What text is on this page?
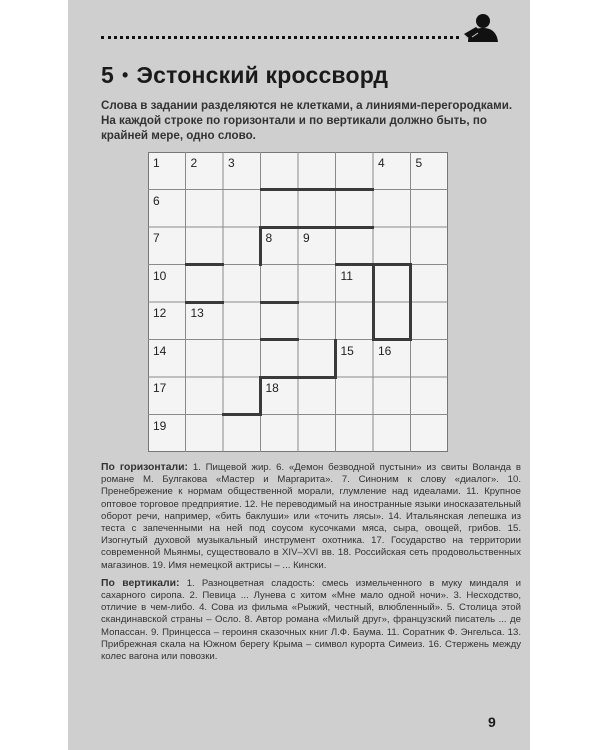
5 • Эстонский кроссворд
Слова в задании разделяются не клетками, а линиями-перегородками. На каждой строке по горизонтали и по вертикали должно быть, по крайней мере, одно слово.
1	2	3	4	5
6
7	8	9
10	11
12	13
14	15	16
17	18
19

По горизонтали: 1. Пищевой жир. 6. «Демон безводной пустыни» из свиты Воланда в романе М. Булгакова «Мастер и Маргарита». 7. Синоним к слову «диалог». 10. Пренебрежение к нормам общественной морали, глумление над идеалами. 11. Крупное оптовое торговое предприятие. 12. Не переводимый на иностранные языки иносказательный оборот речи, например, «бить баклуши» или «точить лясы». 14. Итальянская лепешка из теста с запеченными на ней под соусом кусочками мяса, сыра, овощей, грибов. 15. Изогнутый духовой музыкальный инструмент охотника. 17. Государство на территории современной Мьянмы, существовало в XIV–XVI вв. 18. Российская сеть продовольственных магазинов. 19. Имя немецкой актрисы – ... Кински.

По вертикали: 1. Разноцветная сладость: смесь измельченного в муку миндаля и сахарного сиропа. 2. Певица ... Лунева с хитом «Мне мало одной ночи». 3. Несходство, отличие в чем-либо. 4. Сова из фильма «Рыжий, честный, влюбленный». 5. Столица этой скандинавской страны – Осло. 8. Автор романа «Милый друг», французский писатель ... де Мопассан. 9. Принцесса – героиня сказочных книг Л.Ф. Баума. 11. Соратник Ф. Энгельса. 13. Прибрежная скала на Южном берегу Крыма – символ курорта Симеиз. 16. Стержень между колес вагона или повозки.

9
